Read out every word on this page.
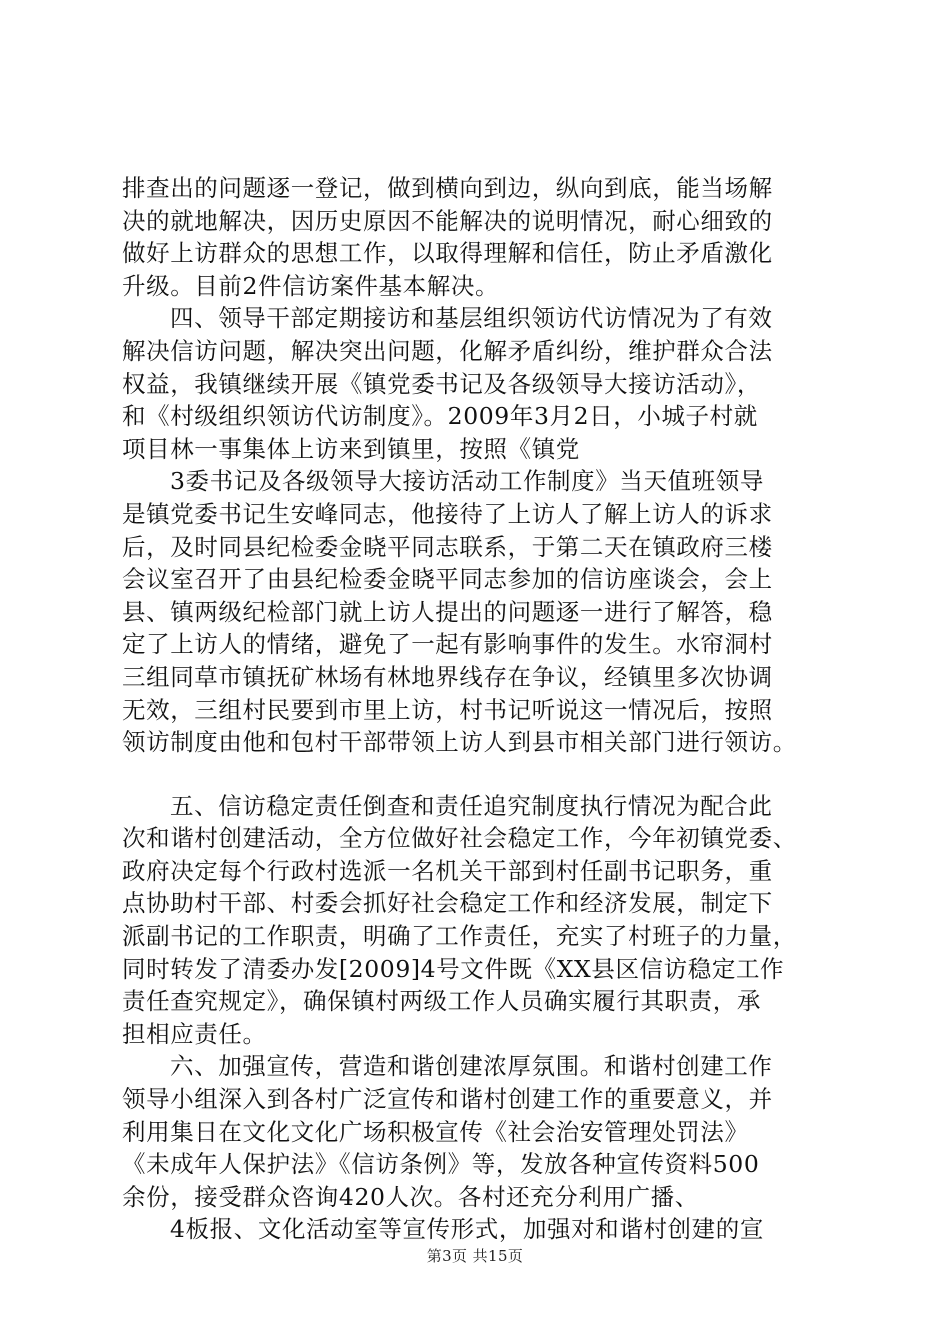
排查出的问题逐一登记，做到横向到边，纵向到底，能当场解
决的就地解决，因历史原因不能解决的说明情况，耐心细致的
做好上访群众的思想工作，以取得理解和信任，防止矛盾激化
升级。目前2件信访案件基本解决。
四、领导干部定期接访和基层组织领访代访情况为了有效
解决信访问题，解决突出问题，化解矛盾纠纷，维护群众合法
权益，我镇继续开展《镇党委书记及各级领导大接访活动》，
和《村级组织领访代访制度》。2009年3月2日，小城子村就
项目林一事集体上访来到镇里，按照《镇党
3委书记及各级领导大接访活动工作制度》当天值班领导
是镇党委书记生安峰同志，他接待了上访人了解上访人的诉求
后，及时同县纪检委金晓平同志联系，于第二天在镇政府三楼
会议室召开了由县纪检委金晓平同志参加的信访座谈会，会上
县、镇两级纪检部门就上访人提出的问题逐一进行了解答，稳
定了上访人的情绪，避免了一起有影响事件的发生。水帘洞村
三组同草市镇抚矿林场有林地界线存在争议，经镇里多次协调
无效，三组村民要到市里上访，村书记听说这一情况后，按照
领访制度由他和包村干部带领上访人到县市相关部门进行领访。
五、信访稳定责任倒查和责任追究制度执行情况为配合此
次和谐村创建活动，全方位做好社会稳定工作，今年初镇党委、
政府决定每个行政村选派一名机关干部到村任副书记职务，重
点协助村干部、村委会抓好社会稳定工作和经济发展，制定下
派副书记的工作职责，明确了工作责任，充实了村班子的力量，
同时转发了清委办发[2009]4号文件既《XX县区信访稳定工作
责任查究规定》，确保镇村两级工作人员确实履行其职责，承
担相应责任。
六、加强宣传，营造和谐创建浓厚氛围。和谐村创建工作
领导小组深入到各村广泛宣传和谐村创建工作的重要意义，并
利用集日在文化文化广场积极宣传《社会治安管理处罚法》
《未成年人保护法》《信访条例》等，发放各种宣传资料500
余份，接受群众咨询420人次。各村还充分利用广播、
4板报、文化活动室等宣传形式，加强对和谐村创建的宣
第3页 共15页
